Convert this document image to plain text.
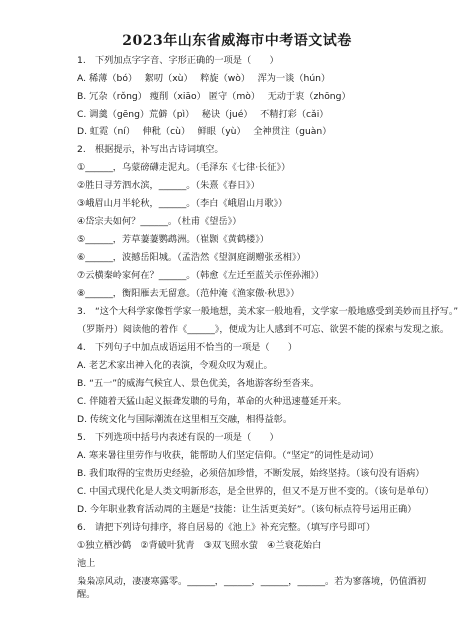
2023年山东省威海市中考语文试卷
1.　下列加点字字音、字形正确的一项是（　　）
A. 稀薄（bó）　 絮叨（xù）　 粹旋（wò）　 浑为一谈（hún）
B. 冗杂（rǒng） 瘦削（xiāo） 匿守（mò）　 无动于衷（zhōng）
C. 调羹（gēng）荒僻（pì）　 秘诀（jué）　 不精打彩（cǎi）
D. 虹霓（ní）　 伸秕（cù）　 鲜眼（yù）　 全神贯注（guàn）
2.　根据提示，补写出古诗词填空。
①______，乌蒙磅礴走泥丸。（毛泽东《七律·长征》）
②胜日寻芳泗水滨，______。（朱熹《春日》）
③峨眉山月半轮秋，______。（李白《峨眉山月歌》）
④岱宗夫如何？______。（杜甫《望岳》）
⑤______，芳草萋萋鹦鹉洲。（崔颢《黄鹤楼》）
⑥______，波撼岳阳城。（孟浩然《望洞庭湖赠张丞相》）
⑦云横秦岭家何在？______。（韩愈《左迁至蓝关示侄孙湘》）
⑧______，衡阳雁去无留意。（范仲淹《渔家傲·秋思》）
3.　“这个大科学家像哲学家一般地想，美术家一般地看，文学家一般地感受到美妙而且抒写。”
（罗斯丹）阅读他的着作《______》，便成为让人感到不可忘、欲罢不能的探索与发现之旅。
4.　下列句子中加点成语运用不恰当的一项是（　　）
A. 老艺术家出神入化的表演，令观众叹为观止。
B. “五一”的威海气候宜人、景色优美，各地游客纷至沓来。
C. 伴随着天猛山起义振聋发聩的号角，革命的火种迅速蔓延开来。
D. 传统文化与国际潮流在这里相互交融，相得益彰。
5.　下列选项中括号内表述有误的一项是（　　）
A. 寒来暑往里劳作与收获，能帮助人们坚定信仰。（“坚定”的词性是动词）
B. 我们取得的宝贵历史经验，必须倍加珍惜，不断发展，始终坚持。（该句没有语病）
C. 中国式现代化是人类文明新形态，是全世界的，但又不是万世不变的。（该句是单句）
D. 今年职业教育活动周的主题是“技能：让生活更美好”。（该句标点符号运用正确）
6.　请把下列诗句排序，将自居易的《池上》补充完整。（填写序号即可）
①独立栖沙鹤　②背破叶犹青　③双飞照水萤　④兰衰花始白
池上
枭枭凉风动，凄凄寒露零。______，______，______，______。若为寥落境，仍值酒初醒。
